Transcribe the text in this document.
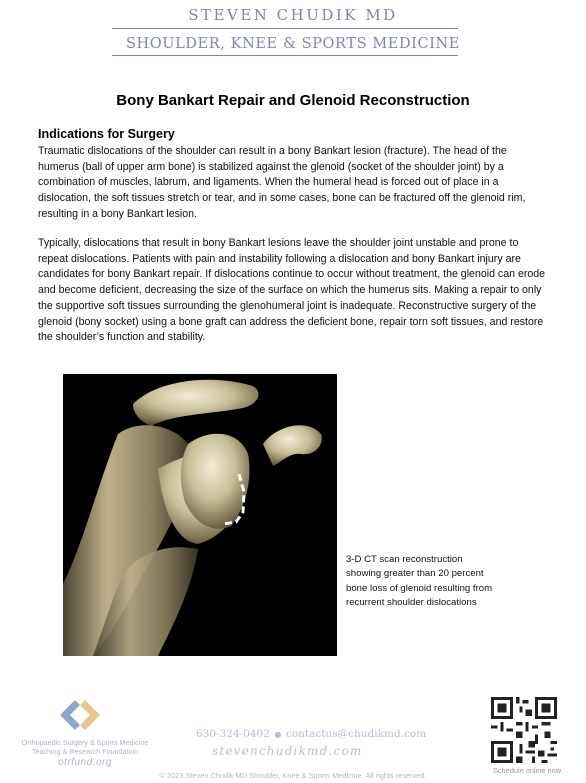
STEVEN CHUDIK MD
SHOULDER, KNEE & SPORTS MEDICINE
Bony Bankart Repair and Glenoid Reconstruction
Indications for Surgery
Traumatic dislocations of the shoulder can result in a bony Bankart lesion (fracture). The head of the humerus (ball of upper arm bone) is stabilized against the glenoid (socket of the shoulder joint) by a combination of muscles, labrum, and ligaments. When the humeral head is forced out of place in a dislocation, the soft tissues stretch or tear, and in some cases, bone can be fractured off the glenoid rim, resulting in a bony Bankart lesion.
Typically, dislocations that result in bony Bankart lesions leave the shoulder joint unstable and prone to repeat dislocations. Patients with pain and instability following a dislocation and bony Bankart injury are candidates for bony Bankart repair. If dislocations continue to occur without treatment, the glenoid can erode and become deficient, decreasing the size of the surface on which the humerus sits. Making a repair to only the supportive soft tissues surrounding the glenohumeral joint is inadequate. Reconstructive surgery of the glenoid (bony socket) using a bone graft can address the deficient bone, repair torn soft tissues, and restore the shoulder’s function and stability.
3-D CT scan reconstruction showing greater than 20 percent bone loss of glenoid resulting from recurrent shoulder dislocations
Orthopaedic Surgery & Sports Medicine
Teaching & Research Foundation
otrfund.org
630-324-0402 ● contactus@chudikmd.com
stevenchudikmd.com
© 2023 Steven Chudik MD Shoulder, Knee & Sports Medicine. All rights reserved.
Schedule online now
